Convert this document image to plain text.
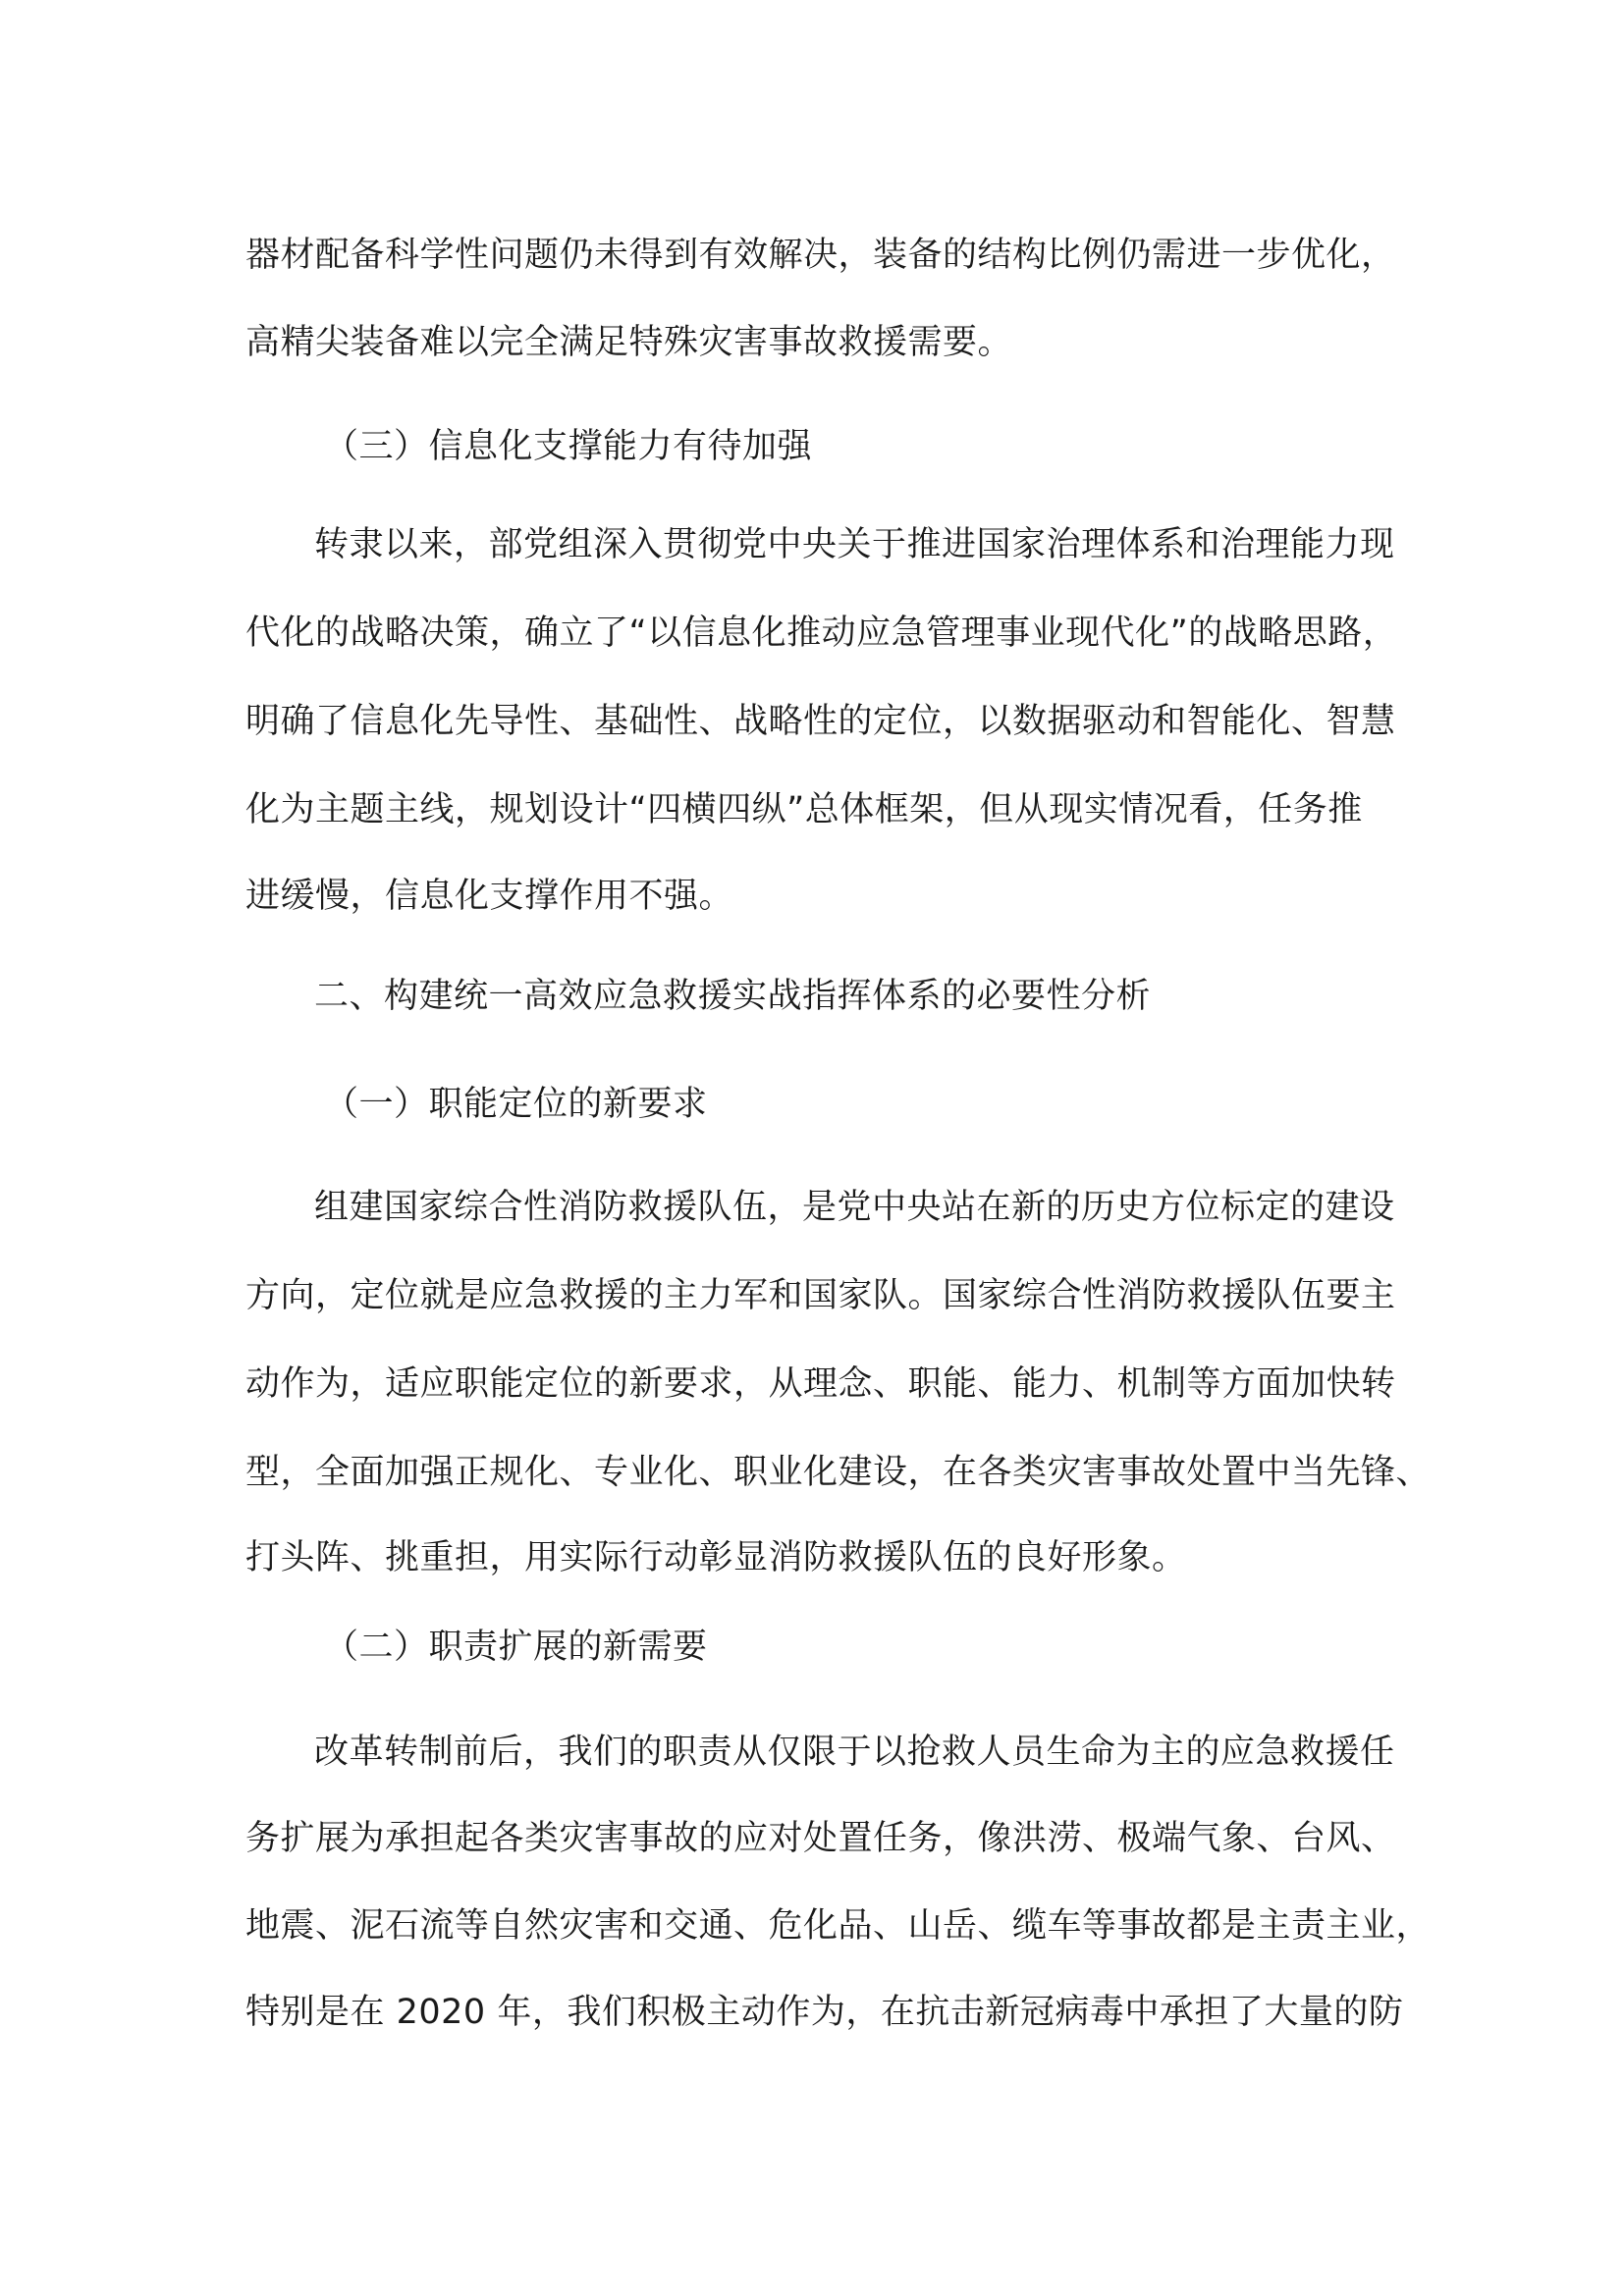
器材配备科学性问题仍未得到有效解决，装备的结构比例仍需进一步优化，

高精尖装备难以完全满足特殊灾害事故救援需要。

（三）信息化支撑能力有待加强

转隶以来，部党组深入贯彻党中央关于推进国家治理体系和治理能力现

代化的战略决策，确立了“以信息化推动应急管理事业现代化”的战略思路，

明确了信息化先导性、基础性、战略性的定位，以数据驱动和智能化、智慧

化为主题主线，规划设计“四横四纵”总体框架，但从现实情况看，任务推

进缓慢，信息化支撑作用不强。

二、构建统一高效应急救援实战指挥体系的必要性分析

（一）职能定位的新要求

组建国家综合性消防救援队伍，是党中央站在新的历史方位标定的建设

方向，定位就是应急救援的主力军和国家队。国家综合性消防救援队伍要主

动作为，适应职能定位的新要求，从理念、职能、能力、机制等方面加快转

型，全面加强正规化、专业化、职业化建设，在各类灾害事故处置中当先锋、

打头阵、挑重担，用实际行动彰显消防救援队伍的良好形象。

（二）职责扩展的新需要

改革转制前后，我们的职责从仅限于以抢救人员生命为主的应急救援任

务扩展为承担起各类灾害事故的应对处置任务，像洪涝、极端气象、台风、

地震、泥石流等自然灾害和交通、危化品、山岳、缆车等事故都是主责主业，

特别是在 2020 年，我们积极主动作为，在抗击新冠病毒中承担了大量的防
